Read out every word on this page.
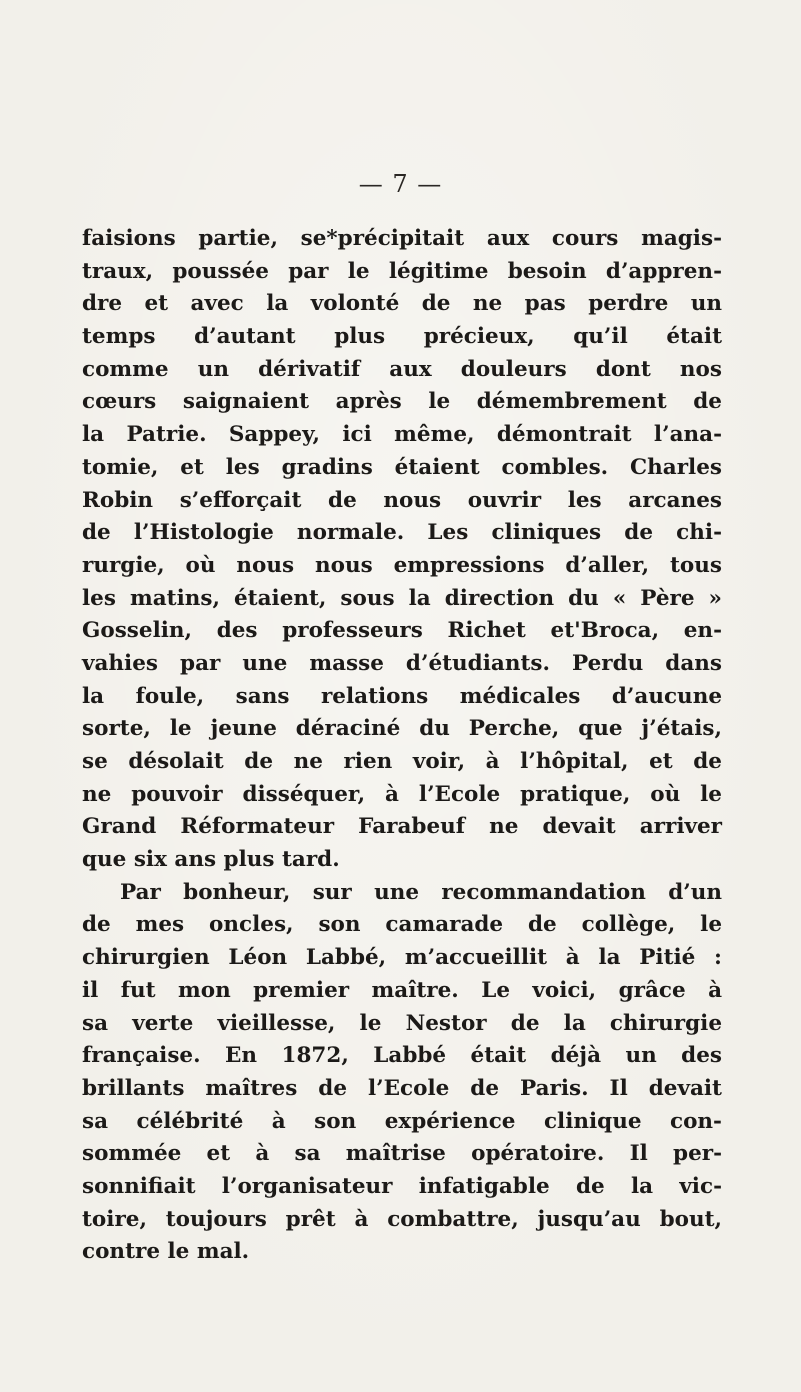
— 7 —
faisions partie, se*précipitait aux cours magis-
traux, poussée par le légitime besoin d’appren-
dre et avec la volonté de ne pas perdre un
temps d’autant plus précieux, qu’il était
comme un dérivatif aux douleurs dont nos
cœurs saignaient après le démembrement de
la Patrie. Sappey, ici même, démontrait l’ana-
tomie, et les gradins étaient combles. Charles
Robin s’efforçait de nous ouvrir les arcanes
de l’Histologie normale. Les cliniques de chi-
rurgie, où nous nous empressions d’aller, tous
les matins, étaient, sous la direction du « Père »
Gosselin, des professeurs Richet et'Broca, en-
vahies par une masse d’étudiants. Perdu dans
la foule, sans relations médicales d’aucune
sorte, le jeune déraciné du Perche, que j’étais,
se désolait de ne rien voir, à l’hôpital, et de
ne pouvoir disséquer, à l’Ecole pratique, où le
Grand Réformateur Farabeuf ne devait arriver
que six ans plus tard.
Par bonheur, sur une recommandation d’un
de mes oncles, son camarade de collège, le
chirurgien Léon Labbé, m’accueillit à la Pitié :
il fut mon premier maître. Le voici, grâce à
sa verte vieillesse, le Nestor de la chirurgie
française. En 1872, Labbé était déjà un des
brillants maîtres de l’Ecole de Paris. Il devait
sa célébrité à son expérience clinique con-
sommée et à sa maîtrise opératoire. Il per-
sonnifiait l’organisateur infatigable de la vic-
toire, toujours prêt à combattre, jusqu’au bout,
contre le mal.
